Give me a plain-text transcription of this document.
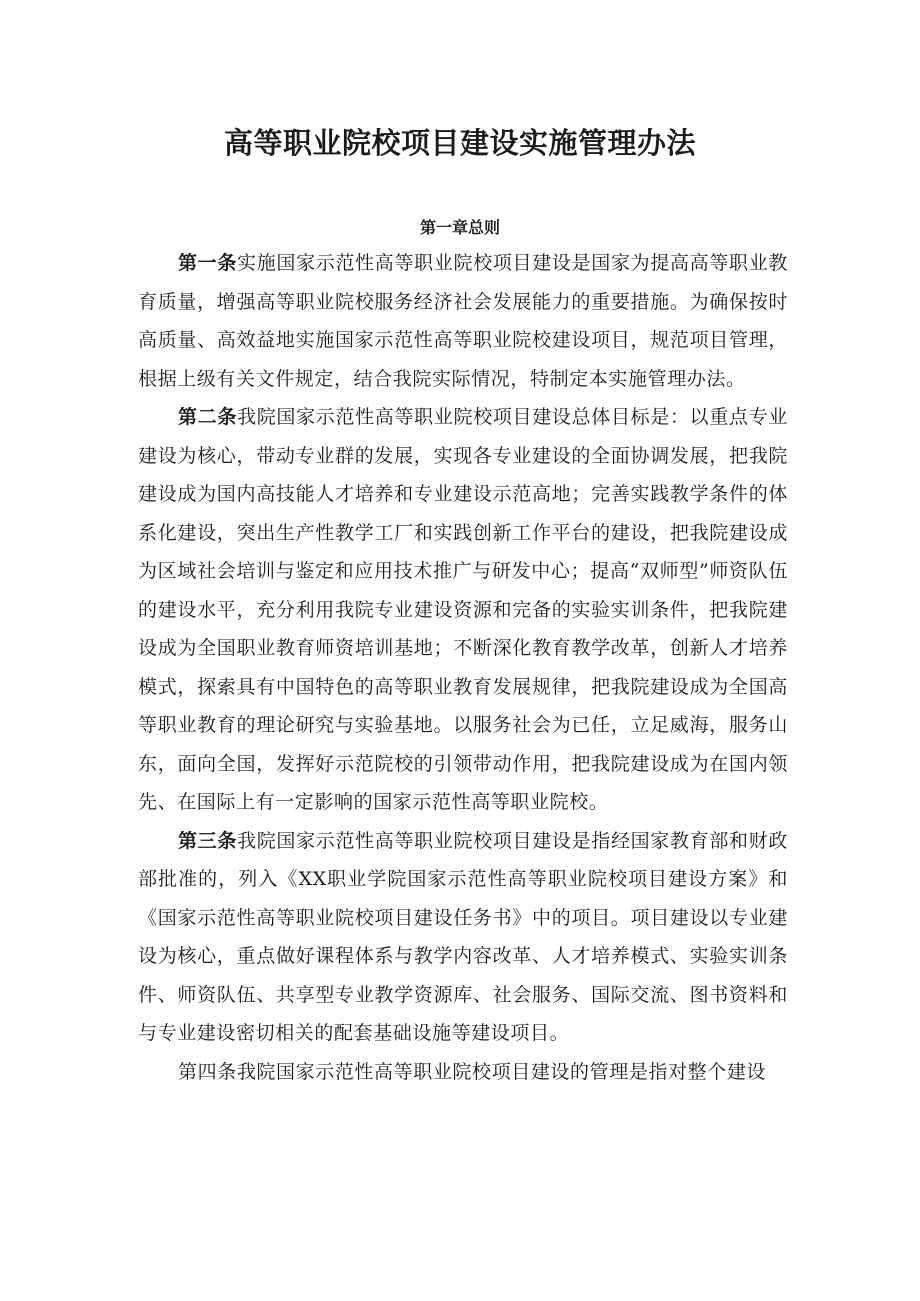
高等职业院校项目建设实施管理办法
第一章总则

第一条实施国家示范性高等职业院校项目建设是国家为提高高等职业教育质量，增强高等职业院校服务经济社会发展能力的重要措施。为确保按时高质量、高效益地实施国家示范性高等职业院校建设项目，规范项目管理，根据上级有关文件规定，结合我院实际情况，特制定本实施管理办法。

第二条我院国家示范性高等职业院校项目建设总体目标是：以重点专业建设为核心，带动专业群的发展，实现各专业建设的全面协调发展，把我院建设成为国内高技能人才培养和专业建设示范高地；完善实践教学条件的体系化建设，突出生产性教学工厂和实践创新工作平台的建设，把我院建设成为区域社会培训与鉴定和应用技术推广与研发中心；提高“双师型”师资队伍的建设水平，充分利用我院专业建设资源和完备的实验实训条件，把我院建设成为全国职业教育师资培训基地；不断深化教育教学改革，创新人才培养模式，探索具有中国特色的高等职业教育发展规律，把我院建设成为全国高等职业教育的理论研究与实验基地。以服务社会为已任，立足威海，服务山东，面向全国，发挥好示范院校的引领带动作用，把我院建设成为在国内领先、在国际上有一定影响的国家示范性高等职业院校。

第三条我院国家示范性高等职业院校项目建设是指经国家教育部和财政部批准的，列入《XX职业学院国家示范性高等职业院校项目建设方案》和《国家示范性高等职业院校项目建设任务书》中的项目。项目建设以专业建设为核心，重点做好课程体系与教学内容改革、人才培养模式、实验实训条件、师资队伍、共享型专业教学资源库、社会服务、国际交流、图书资料和与专业建设密切相关的配套基础设施等建设项目。

第四条我院国家示范性高等职业院校项目建设的管理是指对整个建设
